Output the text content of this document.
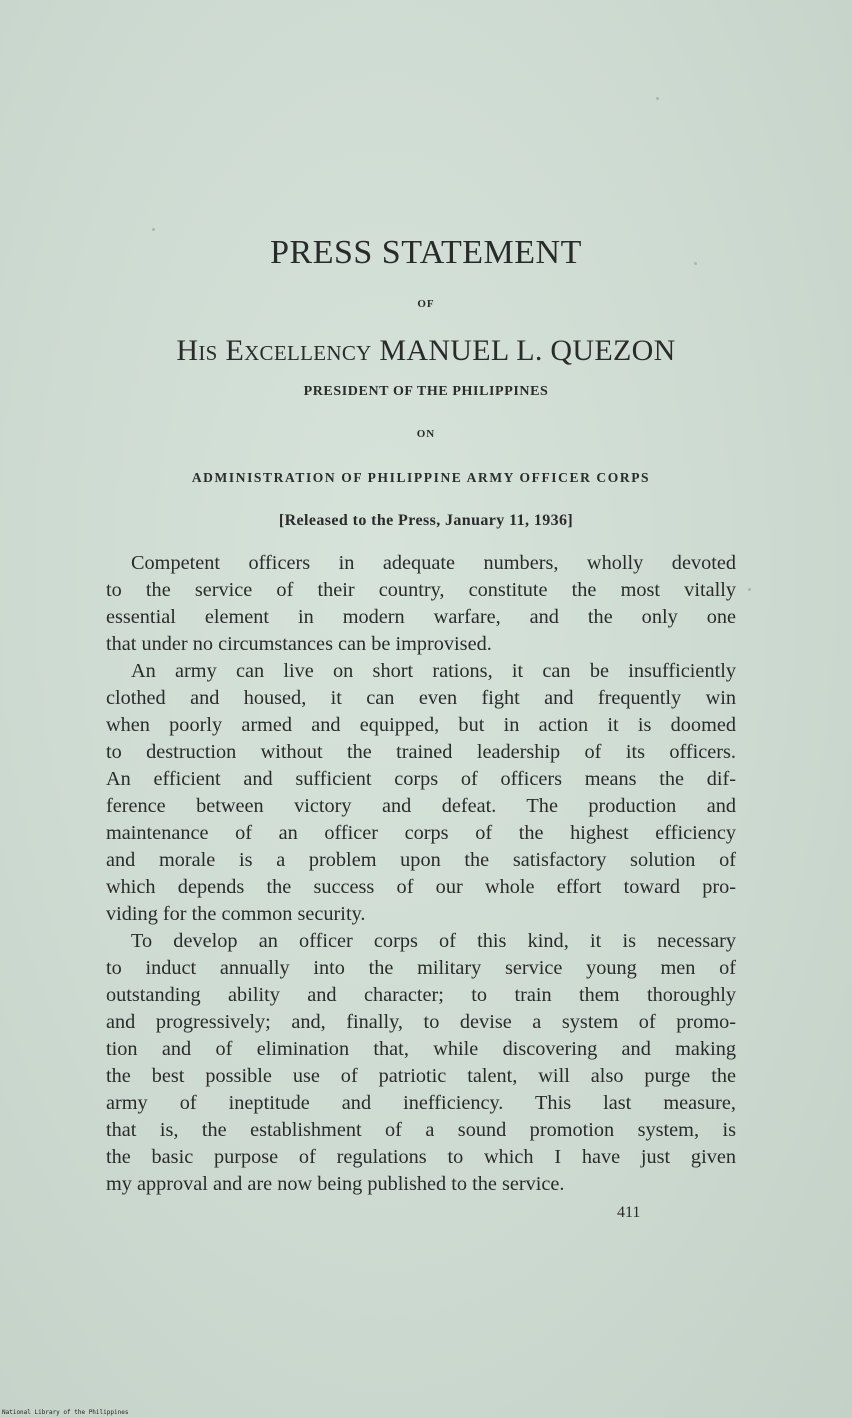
PRESS STATEMENT
OF
His Excellency MANUEL L. QUEZON
PRESIDENT OF THE PHILIPPINES
ON
ADMINISTRATION OF PHILIPPINE ARMY OFFICER CORPS
[Released to the Press, January 11, 1936]
Competent officers in adequate numbers, wholly devoted
to the service of their country, constitute the most vitally
essential element in modern warfare, and the only one
that under no circumstances can be improvised.
An army can live on short rations, it can be insufficiently
clothed and housed, it can even fight and frequently win
when poorly armed and equipped, but in action it is doomed
to destruction without the trained leadership of its officers.
An efficient and sufficient corps of officers means the dif-
ference between victory and defeat. The production and
maintenance of an officer corps of the highest efficiency
and morale is a problem upon the satisfactory solution of
which depends the success of our whole effort toward pro-
viding for the common security.
To develop an officer corps of this kind, it is necessary
to induct annually into the military service young men of
outstanding ability and character; to train them thoroughly
and progressively; and, finally, to devise a system of promo-
tion and of elimination that, while discovering and making
the best possible use of patriotic talent, will also purge the
army of ineptitude and inefficiency. This last measure,
that is, the establishment of a sound promotion system, is
the basic purpose of regulations to which I have just given
my approval and are now being published to the service.
411
National Library of the Philippines
